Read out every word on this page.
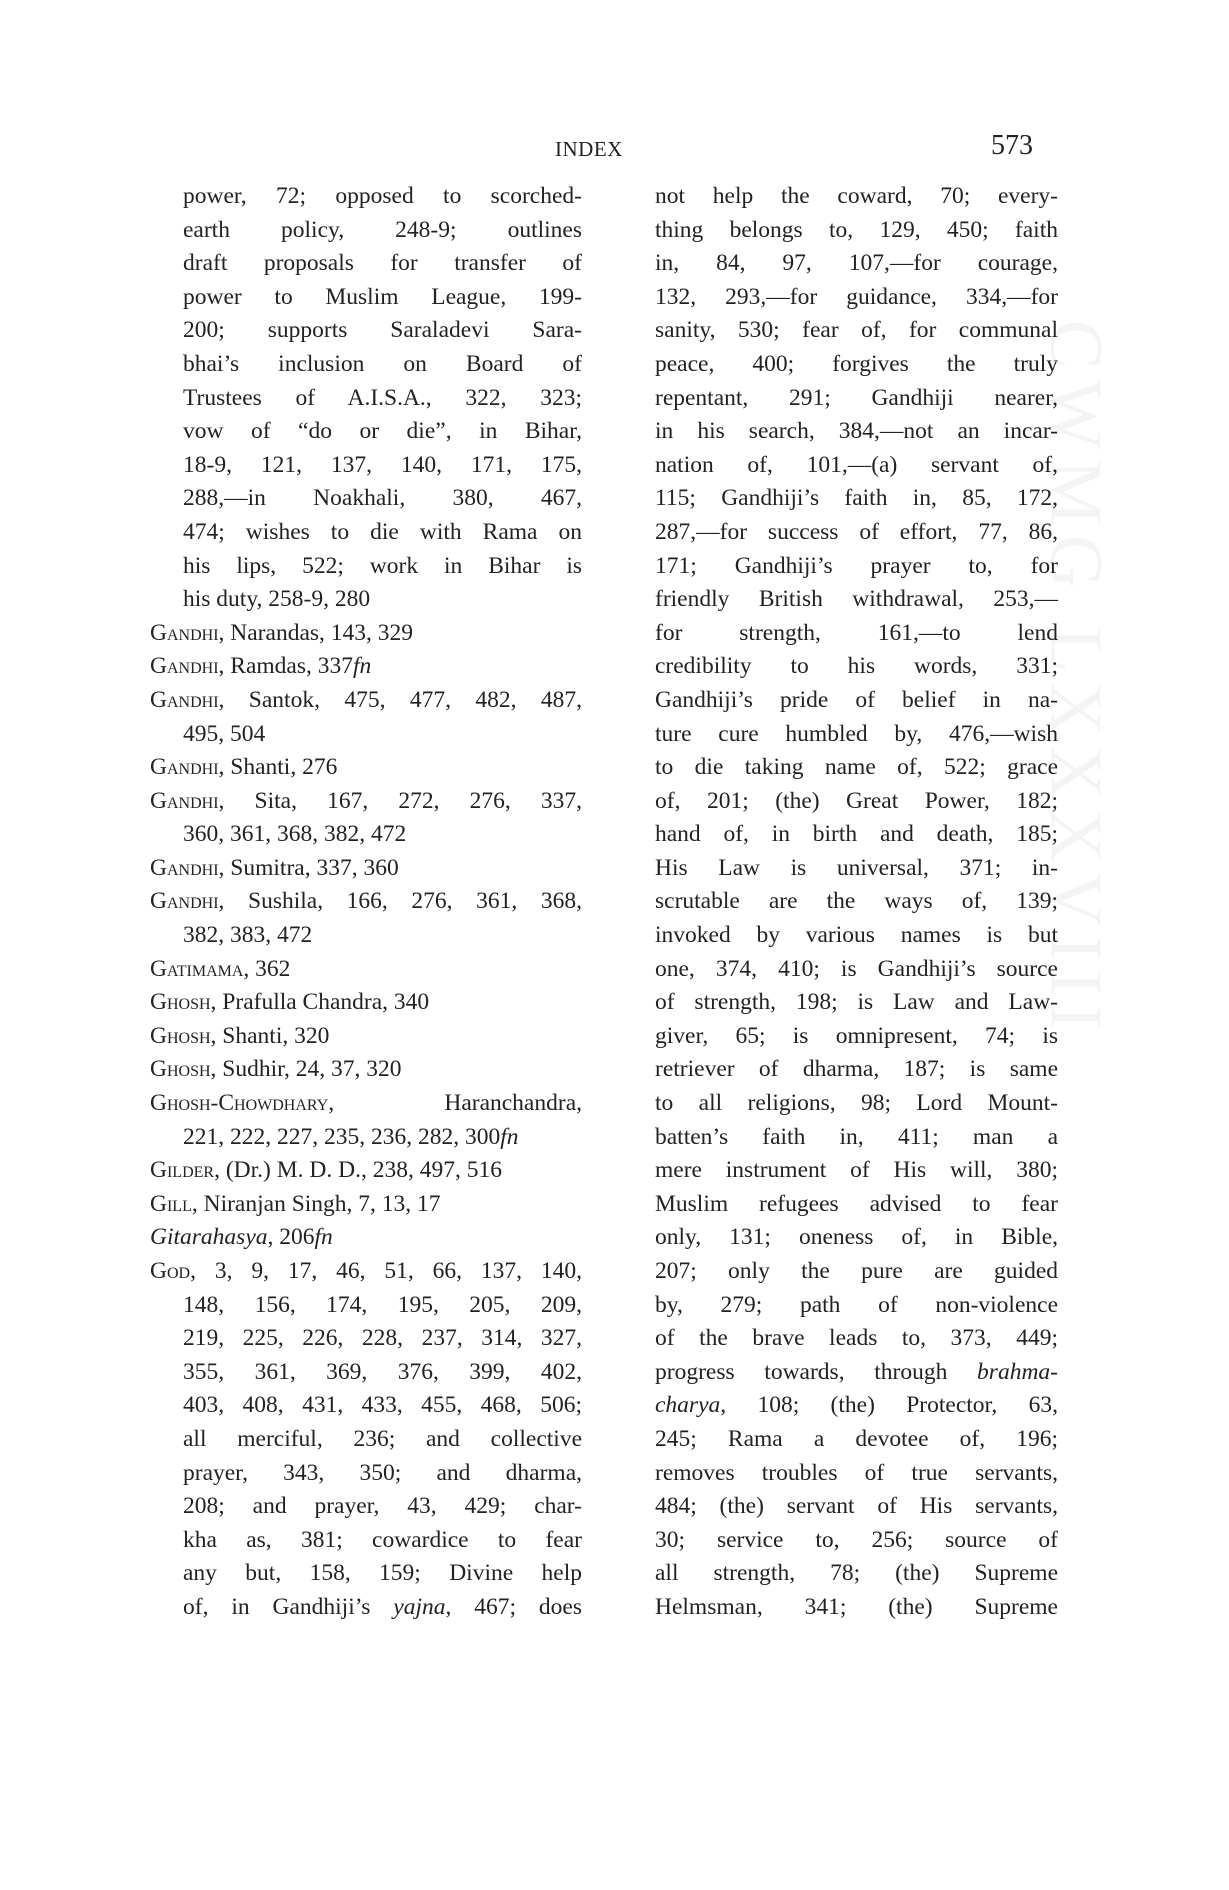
CWMG LXXXVIII
INDEX	573
power, 72; opposed to scorched-
earth policy, 248-9; outlines
draft proposals for transfer of
power to Muslim League, 199-
200; supports Saraladevi Sara-
bhai’s inclusion on Board of
Trustees of A.I.S.A., 322, 323;
vow of “do or die”, in Bihar,
18-9, 121, 137, 140, 171, 175,
288,—in Noakhali, 380, 467,
474; wishes to die with Rama on
his lips, 522; work in Bihar is
his duty, 258-9, 280
Gandhi, Narandas, 143, 329
Gandhi, Ramdas, 337fn
Gandhi, Santok, 475, 477, 482, 487,
495, 504
Gandhi, Shanti, 276
Gandhi, Sita, 167, 272, 276, 337,
360, 361, 368, 382, 472
Gandhi, Sumitra, 337, 360
Gandhi, Sushila, 166, 276, 361, 368,
382, 383, 472
Gatimama, 362
Ghosh, Prafulla Chandra, 340
Ghosh, Shanti, 320
Ghosh, Sudhir, 24, 37, 320
Ghosh-Chowdhary, Haranchandra,
221, 222, 227, 235, 236, 282, 300fn
Gilder, (Dr.) M. D. D., 238, 497, 516
Gill, Niranjan Singh, 7, 13, 17
Gitarahasya, 206fn
God, 3, 9, 17, 46, 51, 66, 137, 140,
148, 156, 174, 195, 205, 209,
219, 225, 226, 228, 237, 314, 327,
355, 361, 369, 376, 399, 402,
403, 408, 431, 433, 455, 468, 506;
all merciful, 236; and collective
prayer, 343, 350; and dharma,
208; and prayer, 43, 429; char-
kha as, 381; cowardice to fear
any but, 158, 159; Divine help
of, in Gandhiji’s yajna, 467; does
not help the coward, 70; every-
thing belongs to, 129, 450; faith
in, 84, 97, 107,—for courage,
132, 293,—for guidance, 334,—for
sanity, 530; fear of, for communal
peace, 400; forgives the truly
repentant, 291; Gandhiji nearer,
in his search, 384,—not an incar-
nation of, 101,—(a) servant of,
115; Gandhiji’s faith in, 85, 172,
287,—for success of effort, 77, 86,
171; Gandhiji’s prayer to, for
friendly British withdrawal, 253,—
for strength, 161,—to lend
credibility to his words, 331;
Gandhiji’s pride of belief in na-
ture cure humbled by, 476,—wish
to die taking name of, 522; grace
of, 201; (the) Great Power, 182;
hand of, in birth and death, 185;
His Law is universal, 371; in-
scrutable are the ways of, 139;
invoked by various names is but
one, 374, 410; is Gandhiji’s source
of strength, 198; is Law and Law-
giver, 65; is omnipresent, 74; is
retriever of dharma, 187; is same
to all religions, 98; Lord Mount-
batten’s faith in, 411; man a
mere instrument of His will, 380;
Muslim refugees advised to fear
only, 131; oneness of, in Bible,
207; only the pure are guided
by, 279; path of non-violence
of the brave leads to, 373, 449;
progress towards, through brahma-
charya, 108; (the) Protector, 63,
245; Rama a devotee of, 196;
removes troubles of true servants,
484; (the) servant of His servants,
30; service to, 256; source of
all strength, 78; (the) Supreme
Helmsman, 341; (the) Supreme
